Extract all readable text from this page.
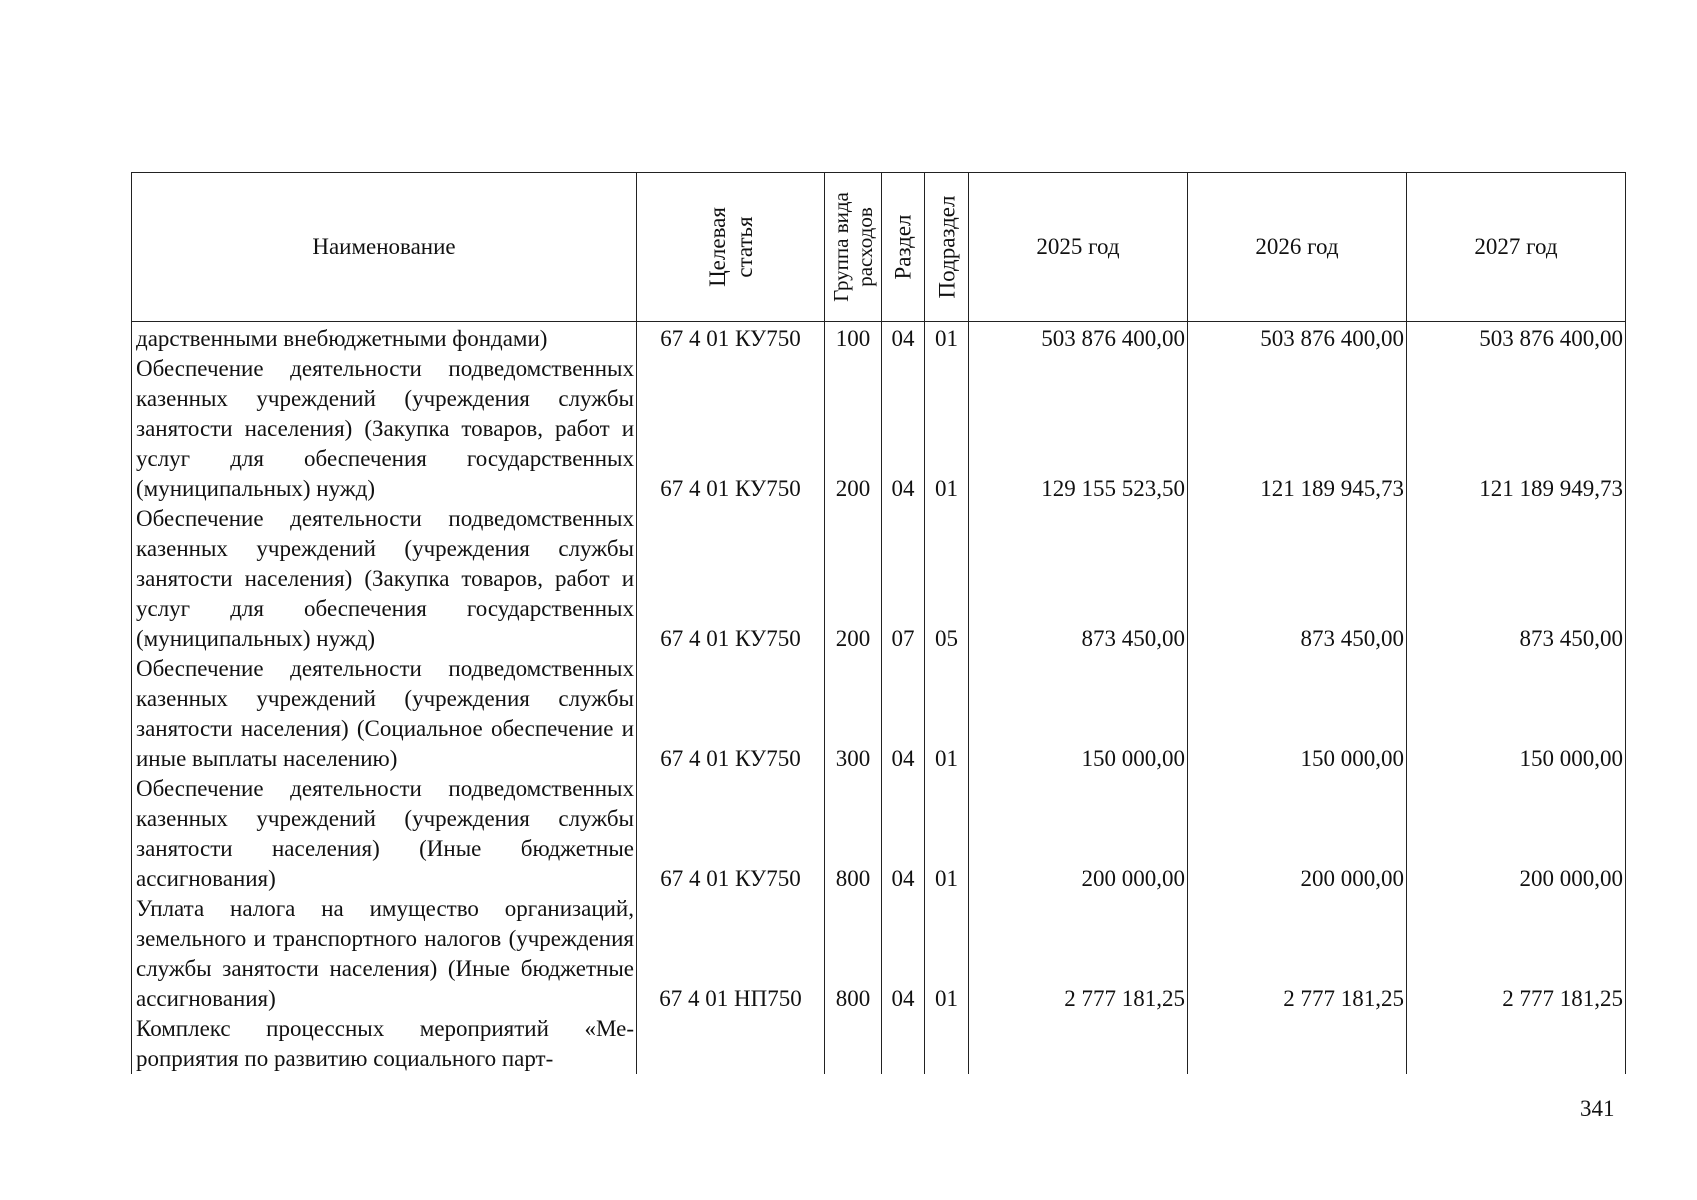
Наименование	Целевая статья	Группа вида расходов	Раздел	Подраздел	2025 год	2026 год	2027 год
дарственными внебюджетными фондами)	67 4 01 КУ750	100	04	01	503 876 400,00	503 876 400,00	503 876 400,00
Обеспечение деятельности подведомственных казенных учреждений (учреждения службы занятости населения) (Закупка товаров, работ и услуг для обеспечения государственных (муниципальных) нужд)	67 4 01 КУ750	200	04	01	129 155 523,50	121 189 945,73	121 189 949,73
Обеспечение деятельности подведомственных казенных учреждений (учреждения службы занятости населения) (Закупка товаров, работ и услуг для обеспечения государственных (муниципальных) нужд)	67 4 01 КУ750	200	07	05	873 450,00	873 450,00	873 450,00
Обеспечение деятельности подведомственных казенных учреждений (учреждения службы занятости населения) (Социальное обеспечение и иные выплаты населению)	67 4 01 КУ750	300	04	01	150 000,00	150 000,00	150 000,00
Обеспечение деятельности подведомственных казенных учреждений (учреждения службы занятости населения) (Иные бюджетные ассигнования)	67 4 01 КУ750	800	04	01	200 000,00	200 000,00	200 000,00
Уплата налога на имущество организаций, земельного и транспортного налогов (учреждения службы занятости населения) (Иные бюджетные ассигнования)	67 4 01 НП750	800	04	01	2 777 181,25	2 777 181,25	2 777 181,25
Комплекс процессных мероприятий «Мероприятия по развитию социального парт-							
341
